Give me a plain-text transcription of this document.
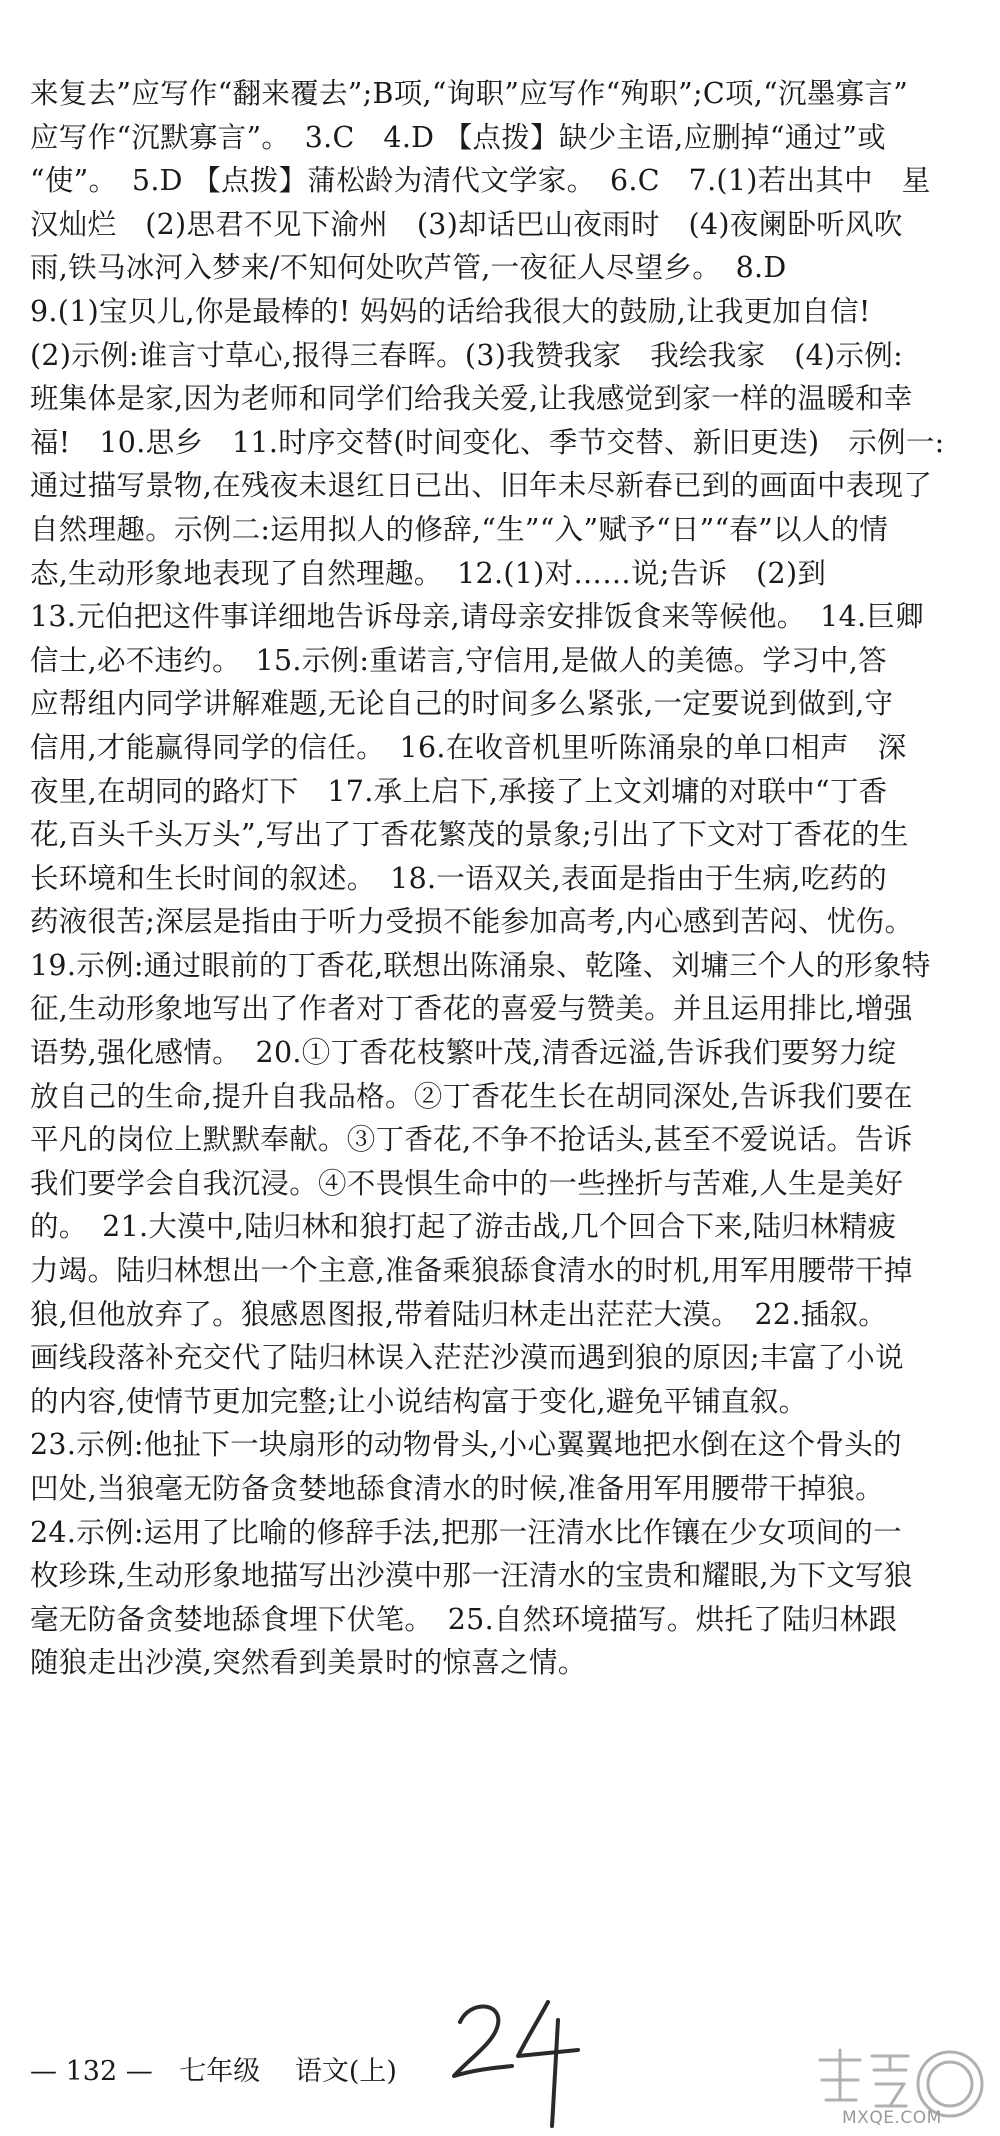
来复去”应写作“翻来覆去”;B项,“询职”应写作“殉职”;C项,“沉墨寡言”
应写作“沉默寡言”。　3.C　4.D 【点拨】缺少主语,应删掉“通过”或
“使”。　5.D 【点拨】蒲松龄为清代文学家。　6.C　7.(1)若出其中　星
汉灿烂　(2)思君不见下渝州　(3)却话巴山夜雨时　(4)夜阑卧听风吹
雨,铁马冰河入梦来/不知何处吹芦管,一夜征人尽望乡。　8.D
9.(1)宝贝儿,你是最棒的! 妈妈的话给我很大的鼓励,让我更加自信!
(2)示例:谁言寸草心,报得三春晖。(3)我赞我家　我绘我家　(4)示例:
班集体是家,因为老师和同学们给我关爱,让我感觉到家一样的温暖和幸
福!　10.思乡　11.时序交替(时间变化、季节交替、新旧更迭)　示例一:
通过描写景物,在残夜未退红日已出、旧年未尽新春已到的画面中表现了
自然理趣。示例二:运用拟人的修辞,“生”“入”赋予“日”“春”以人的情
态,生动形象地表现了自然理趣。　12.(1)对……说;告诉　(2)到
13.元伯把这件事详细地告诉母亲,请母亲安排饭食来等候他。　14.巨卿
信士,必不违约。　15.示例:重诺言,守信用,是做人的美德。学习中,答
应帮组内同学讲解难题,无论自己的时间多么紧张,一定要说到做到,守
信用,才能赢得同学的信任。　16.在收音机里听陈涌泉的单口相声　深
夜里,在胡同的路灯下　17.承上启下,承接了上文刘墉的对联中“丁香
花,百头千头万头”,写出了丁香花繁茂的景象;引出了下文对丁香花的生
长环境和生长时间的叙述。　18.一语双关,表面是指由于生病,吃药的
药液很苦;深层是指由于听力受损不能参加高考,内心感到苦闷、忧伤。
19.示例:通过眼前的丁香花,联想出陈涌泉、乾隆、刘墉三个人的形象特
征,生动形象地写出了作者对丁香花的喜爱与赞美。并且运用排比,增强
语势,强化感情。　20.①丁香花枝繁叶茂,清香远溢,告诉我们要努力绽
放自己的生命,提升自我品格。②丁香花生长在胡同深处,告诉我们要在
平凡的岗位上默默奉献。③丁香花,不争不抢话头,甚至不爱说话。告诉
我们要学会自我沉浸。④不畏惧生命中的一些挫折与苦难,人生是美好
的。　21.大漠中,陆归林和狼打起了游击战,几个回合下来,陆归林精疲
力竭。陆归林想出一个主意,准备乘狼舔食清水的时机,用军用腰带干掉
狼,但他放弃了。狼感恩图报,带着陆归林走出茫茫大漠。　22.插叙。
画线段落补充交代了陆归林误入茫茫沙漠而遇到狼的原因;丰富了小说
的内容,使情节更加完整;让小说结构富于变化,避免平铺直叙。
23.示例:他扯下一块扇形的动物骨头,小心翼翼地把水倒在这个骨头的
凹处,当狼毫无防备贪婪地舔食清水的时候,准备用军用腰带干掉狼。
24.示例:运用了比喻的修辞手法,把那一汪清水比作镶在少女项间的一
枚珍珠,生动形象地描写出沙漠中那一汪清水的宝贵和耀眼,为下文写狼
毫无防备贪婪地舔食埋下伏笔。　25.自然环境描写。烘托了陆归林跟
随狼走出沙漠,突然看到美景时的惊喜之情。
— 132 — 七年级 语文(上)
MXQE.COM
